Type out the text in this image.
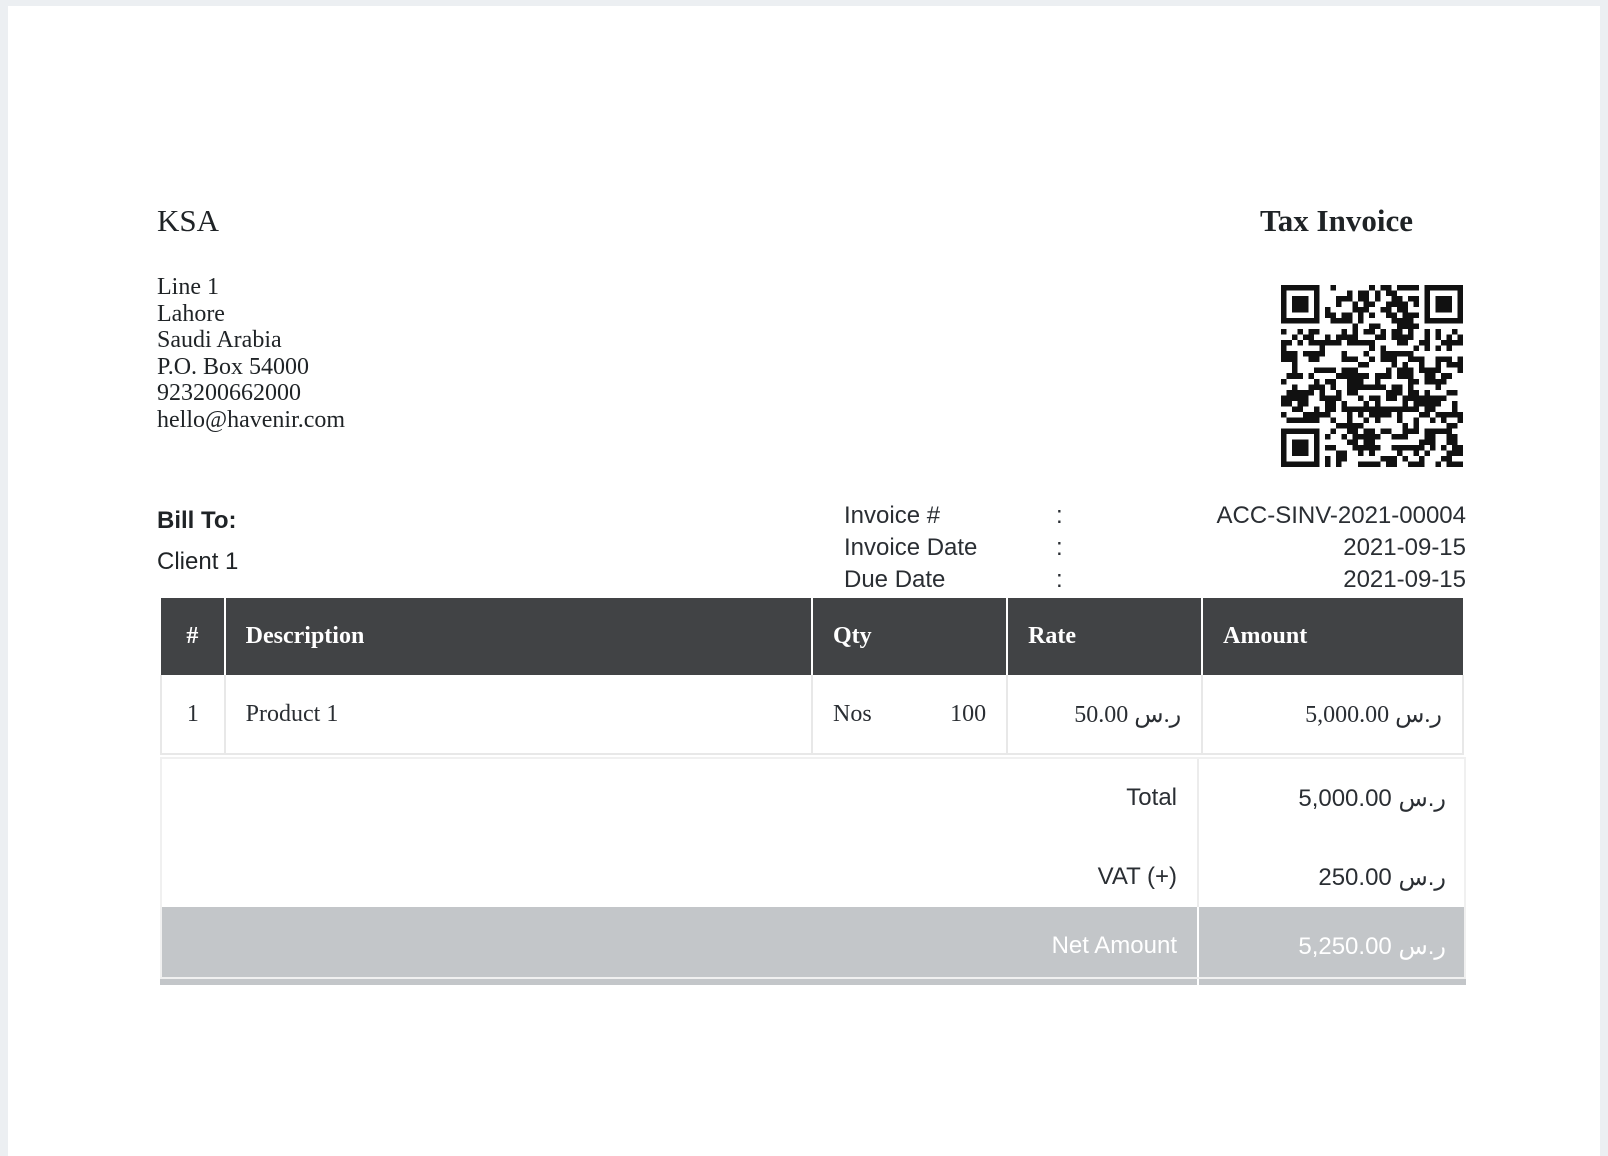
KSA	Tax Invoice
Line 1
Lahore
Saudi Arabia
P.O. Box 54000
923200662000
hello@havenir.com
Bill To:
Client 1
Invoice #	:	ACC-SINV-2021-00004
Invoice Date	:	2021-09-15
Due Date	:	2021-09-15
#	Description	Qty	Rate	Amount
1	Product 1	Nos 100	50.00 ر.س	5,000.00 ر.س
Total	5,000.00 ر.س
VAT (+)	250.00 ر.س
Net Amount	5,250.00 ر.س
